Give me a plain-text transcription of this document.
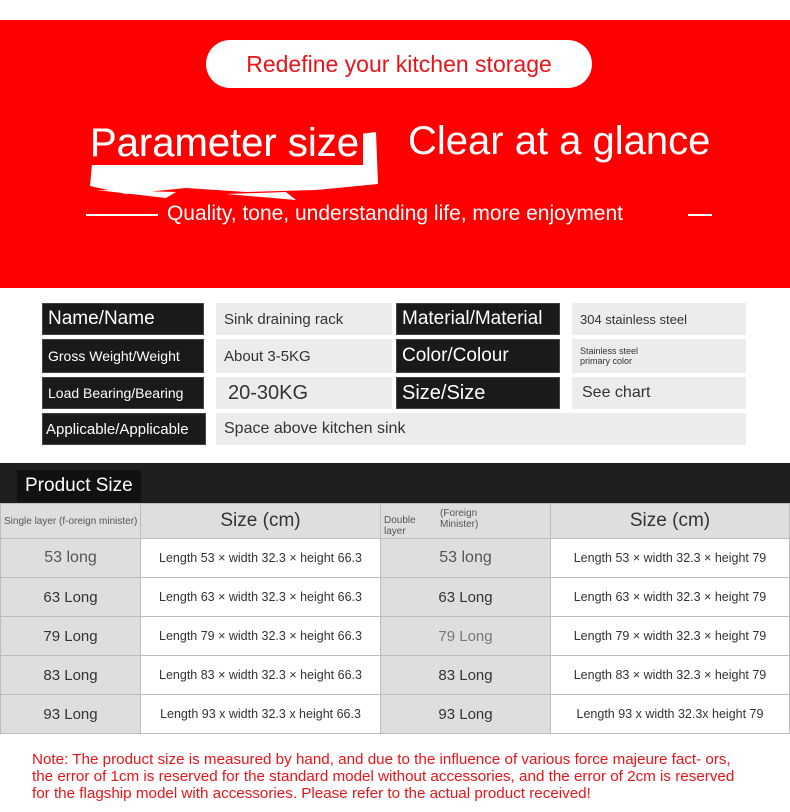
Redefine your kitchen storage
Parameter size Clear at a glance
Quality, tone, understanding life, more enjoyment
Name/Name	Sink draining rack	Material/Material	304 stainless steel
Gross Weight/Weight	About 3-5KG	Color/Colour	Stainless steel
primary color
Load Bearing/Bearing	20-30KG	Size/Size	See chart
Applicable/Applicable	Space above kitchen sink
Product Size
Single layer (f-oreign minister)	Size (cm)	Double layer
(Foreign Minister)	Size (cm)
53 long	Length 53 × width 32.3 × height 66.3	53 long	Length 53 × width 32.3 × height 79
63 Long	Length 63 × width 32.3 × height 66.3	63 Long	Length 63 × width 32.3 × height 79
79 Long	Length 79 × width 32.3 × height 66.3	79 Long	Length 79 × width 32.3 × height 79
83 Long	Length 83 × width 32.3 × height 66.3	83 Long	Length 83 × width 32.3 × height 79
93 Long	Length 93 x width 32.3 x height 66.3	93 Long	Length 93 x width 32.3x height 79
Note: The product size is measured by hand, and due to the influence of various force majeure fact- ors, the error of 1cm is reserved for the standard model without accessories, and the error of 2cm is reserved for the flagship model with accessories. Please refer to the actual product received!
